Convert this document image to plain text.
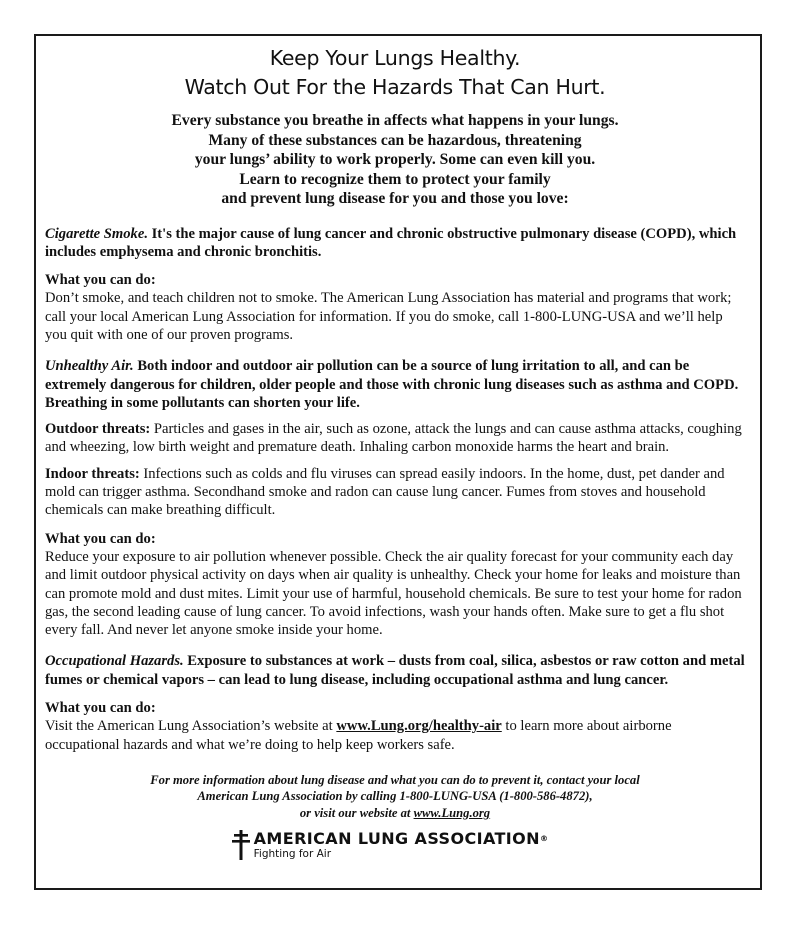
Keep Your Lungs Healthy.
Watch Out For the Hazards That Can Hurt.
Every substance you breathe in affects what happens in your lungs.
Many of these substances can be hazardous, threatening
your lungs’ ability to work properly. Some can even kill you.
Learn to recognize them to protect your family
and prevent lung disease for you and those you love:
Cigarette Smoke. It's the major cause of lung cancer and chronic obstructive pulmonary disease (COPD), which includes emphysema and chronic bronchitis.
What you can do:
Don’t smoke, and teach children not to smoke. The American Lung Association has material and programs that work; call your local American Lung Association for information. If you do smoke, call 1-800-LUNG-USA and we’ll help you quit with one of our proven programs.
Unhealthy Air. Both indoor and outdoor air pollution can be a source of lung irritation to all, and can be extremely dangerous for children, older people and those with chronic lung diseases such as asthma and COPD. Breathing in some pollutants can shorten your life.
Outdoor threats: Particles and gases in the air, such as ozone, attack the lungs and can cause asthma attacks, coughing and wheezing, low birth weight and premature death. Inhaling carbon monoxide harms the heart and brain.
Indoor threats: Infections such as colds and flu viruses can spread easily indoors. In the home, dust, pet dander and mold can trigger asthma. Secondhand smoke and radon can cause lung cancer. Fumes from stoves and household chemicals can make breathing difficult.
What you can do:
Reduce your exposure to air pollution whenever possible. Check the air quality forecast for your community each day and limit outdoor physical activity on days when air quality is unhealthy. Check your home for leaks and moisture than can promote mold and dust mites. Limit your use of harmful, household chemicals. Be sure to test your home for radon gas, the second leading cause of lung cancer. To avoid infections, wash your hands often. Make sure to get a flu shot every fall. And never let anyone smoke inside your home.
Occupational Hazards. Exposure to substances at work – dusts from coal, silica, asbestos or raw cotton and metal fumes or chemical vapors – can lead to lung disease, including occupational asthma and lung cancer.
What you can do:
Visit the American Lung Association’s website at www.Lung.org/healthy-air to learn more about airborne occupational hazards and what we’re doing to help keep workers safe.
For more information about lung disease and what you can do to prevent it, contact your local
American Lung Association by calling 1-800-LUNG-USA (1-800-586-4872),
or visit our website at www.Lung.org
AMERICAN LUNG ASSOCIATION®
Fighting for Air
